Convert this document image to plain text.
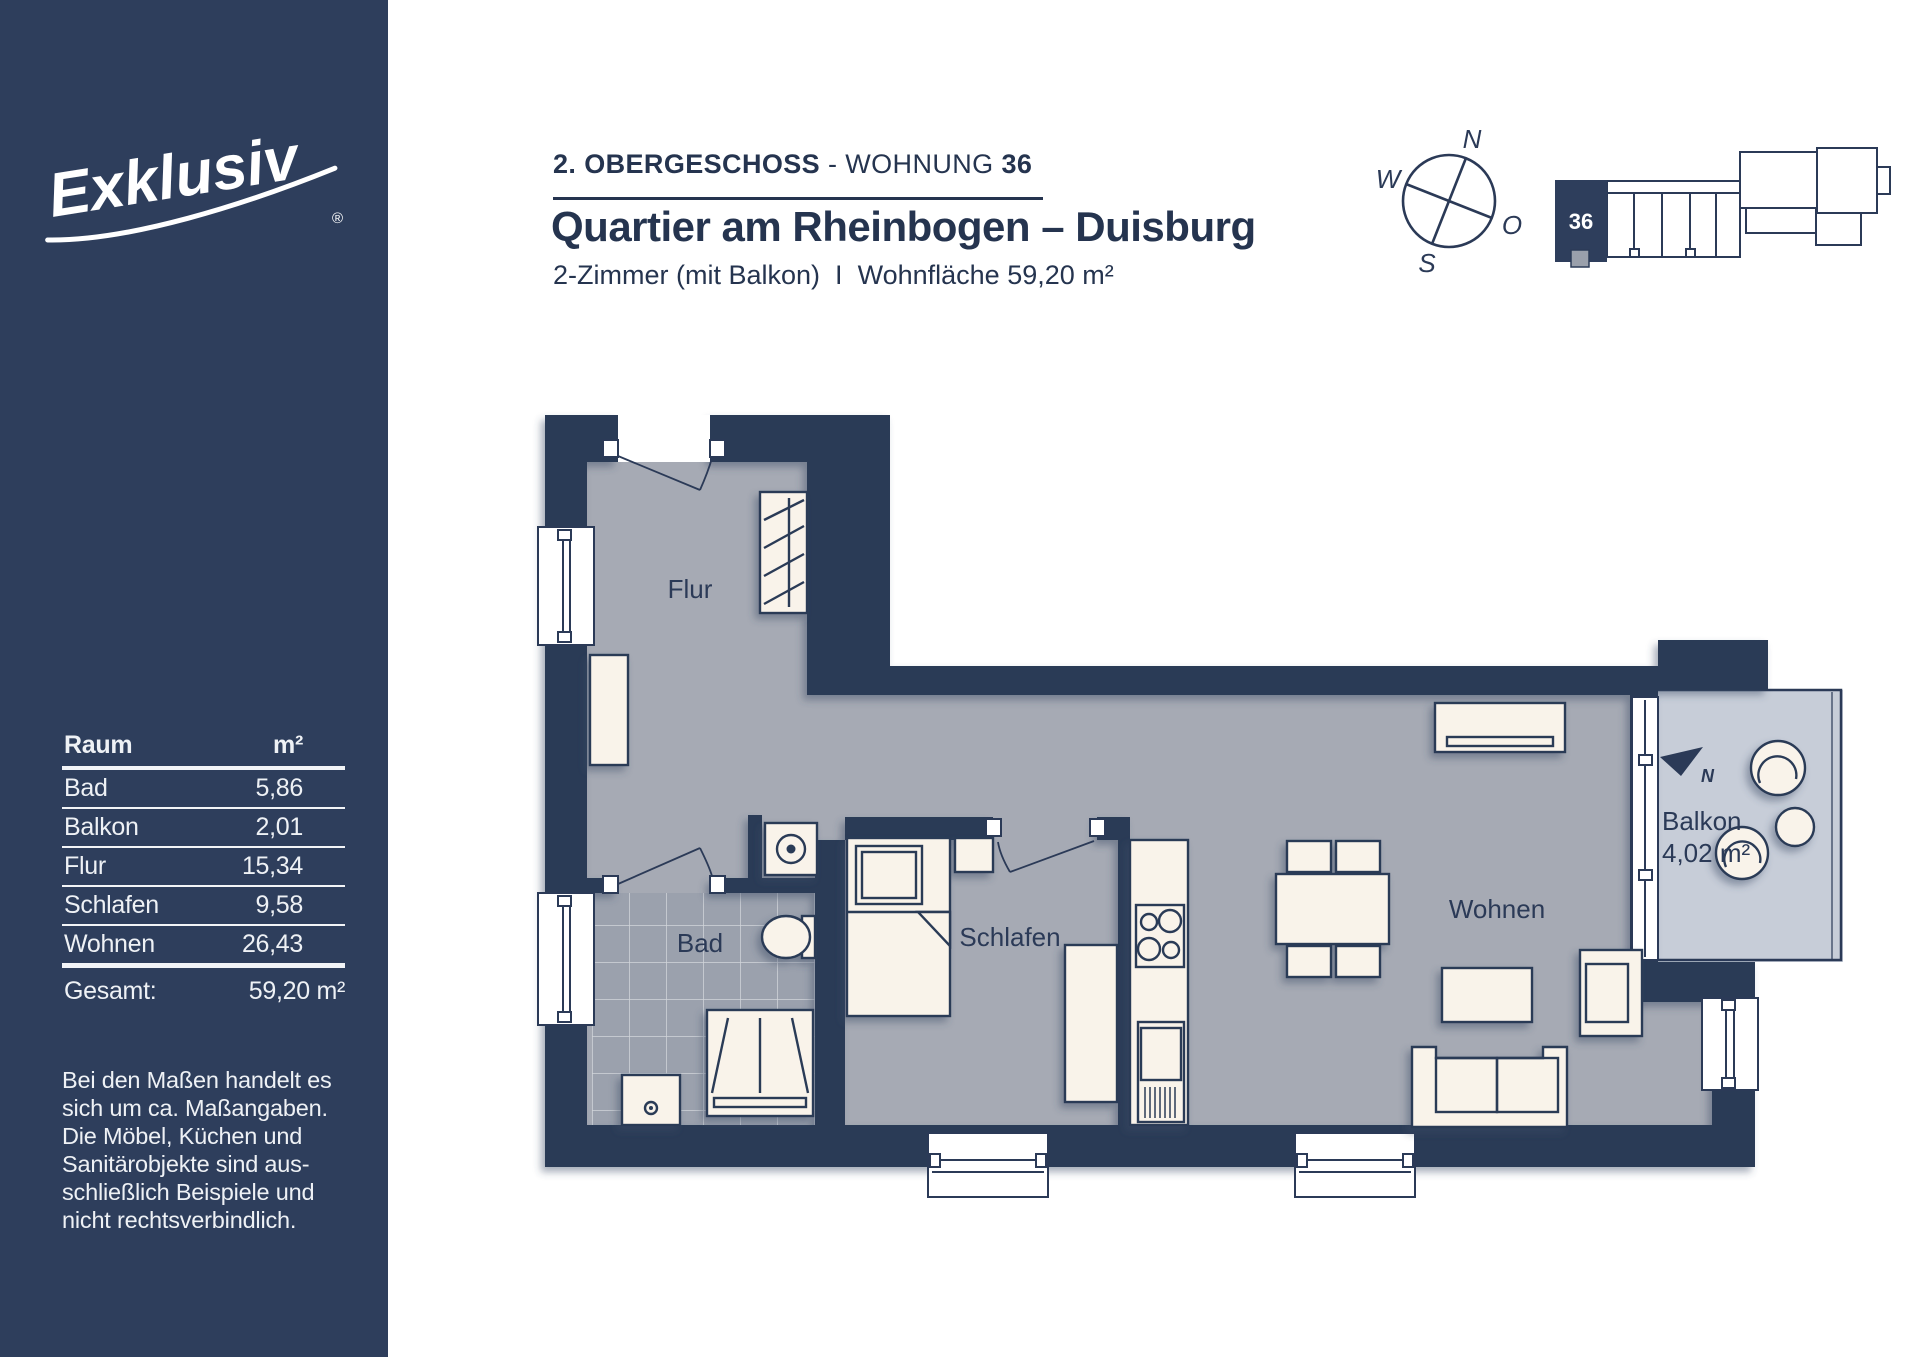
Exklusiv ®
Raum	m²
Bad	5,86
Balkon	2,01
Flur	15,34
Schlafen	9,58
Wohnen	26,43
Gesamt:	59,20 m²
Bei den Maßen handelt es
sich um ca. Maßangaben.
Die Möbel, Küchen und
Sanitärobjekte sind aus-
schließlich Beispiele und
nicht rechtsverbindlich.
2. OBERGESCHOSS - WOHNUNG 36
Quartier am Rheinbogen – Duisburg
2-Zimmer (mit Balkon) I Wohnfläche 59,20 m²
N
W
O
S
36
N
Flur
Bad	Schlafen
Wohnen
Balkon
4,02 m²
